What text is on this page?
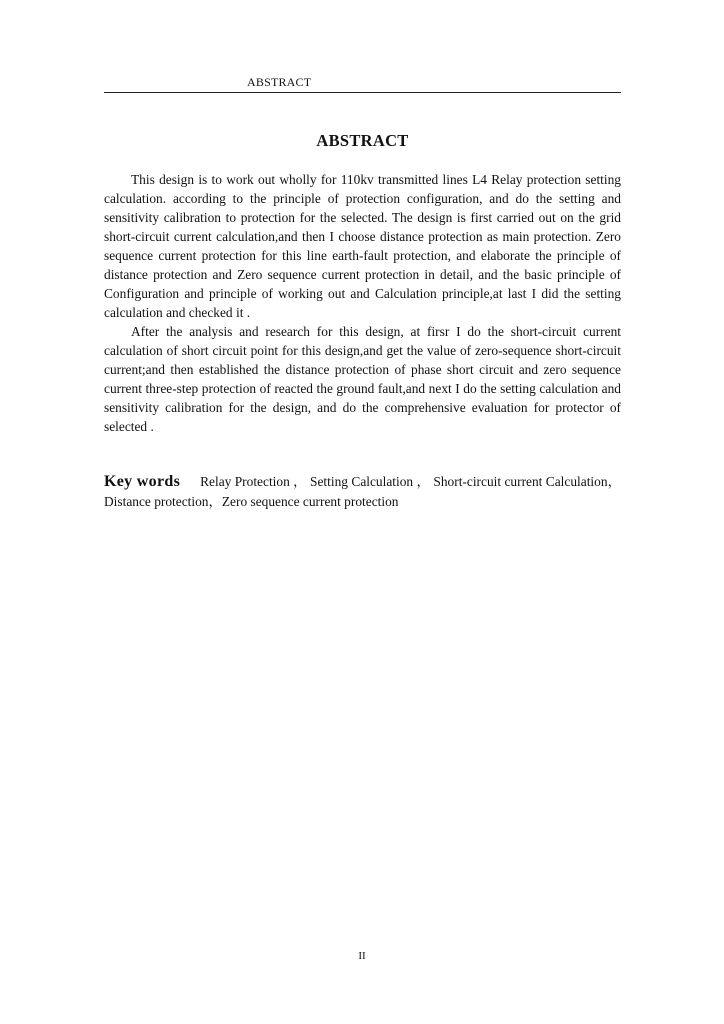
ABSTRACT
ABSTRACT

This design is to work out wholly for 110kv transmitted lines L4 Relay protection setting calculation. according to the principle of protection configuration, and do the setting and sensitivity calibration to protection for the selected. The design is first carried out on the grid short-circuit current calculation,and then I choose distance protection as main protection. Zero sequence current protection for this line earth-fault protection, and elaborate the principle of distance protection and Zero sequence current protection in detail, and the basic principle of Configuration and principle of working out and Calculation principle,at last I did the setting calculation and checked it .

After the analysis and research for this design, at firsr I do the short-circuit current calculation of short circuit point for this design,and get the value of zero-sequence short-circuit current;and then established the distance protection of phase short circuit and zero sequence current three-step protection of reacted the ground fault,and next I do the setting calculation and sensitivity calibration for the design, and do the comprehensive evaluation for protector of selected .

Key words Relay Protection ， Setting Calculation ， Short-circuit current Calculation，Distance protection，Zero sequence current protection
II
